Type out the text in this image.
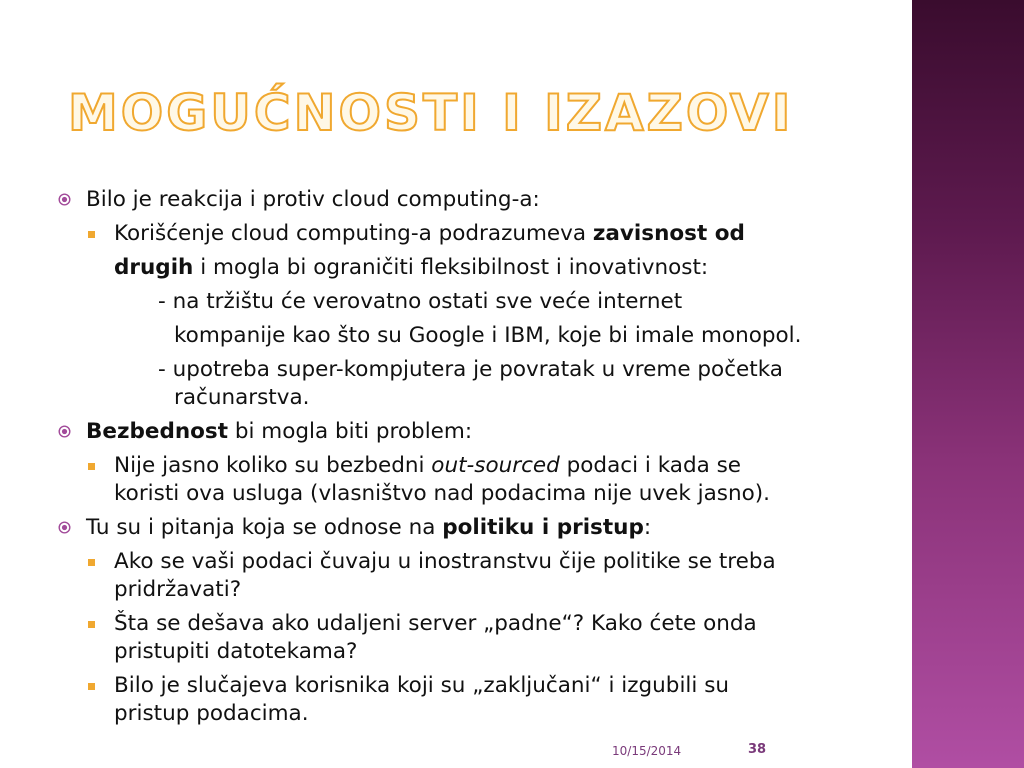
MOGUĆNOSTI I IZAZOVI
Bilo je reakcija i protiv cloud computing-a:
Korišćenje cloud computing-a podrazumeva zavisnost od
drugih i mogla bi ograničiti fleksibilnost i inovativnost:
- na tržištu će verovatno ostati sve veće internet
kompanije kao što su Google i IBM, koje bi imale monopol.
- upotreba super-kompjutera je povratak u vreme početka
računarstva.
Bezbednost bi mogla biti problem:
Nije jasno koliko su bezbedni out-sourced podaci i kada se
koristi ova usluga (vlasništvo nad podacima nije uvek jasno).
Tu su i pitanja koja se odnose na politiku i pristup:
Ako se vaši podaci čuvaju u inostranstvu čije politike se treba
pridržavati?
Šta se dešava ako udaljeni server „padne“? Kako ćete onda
pristupiti datotekama?
Bilo je slučajeva korisnika koji su „zaključani“ i izgubili su
pristup podacima.
10/15/2014	38
